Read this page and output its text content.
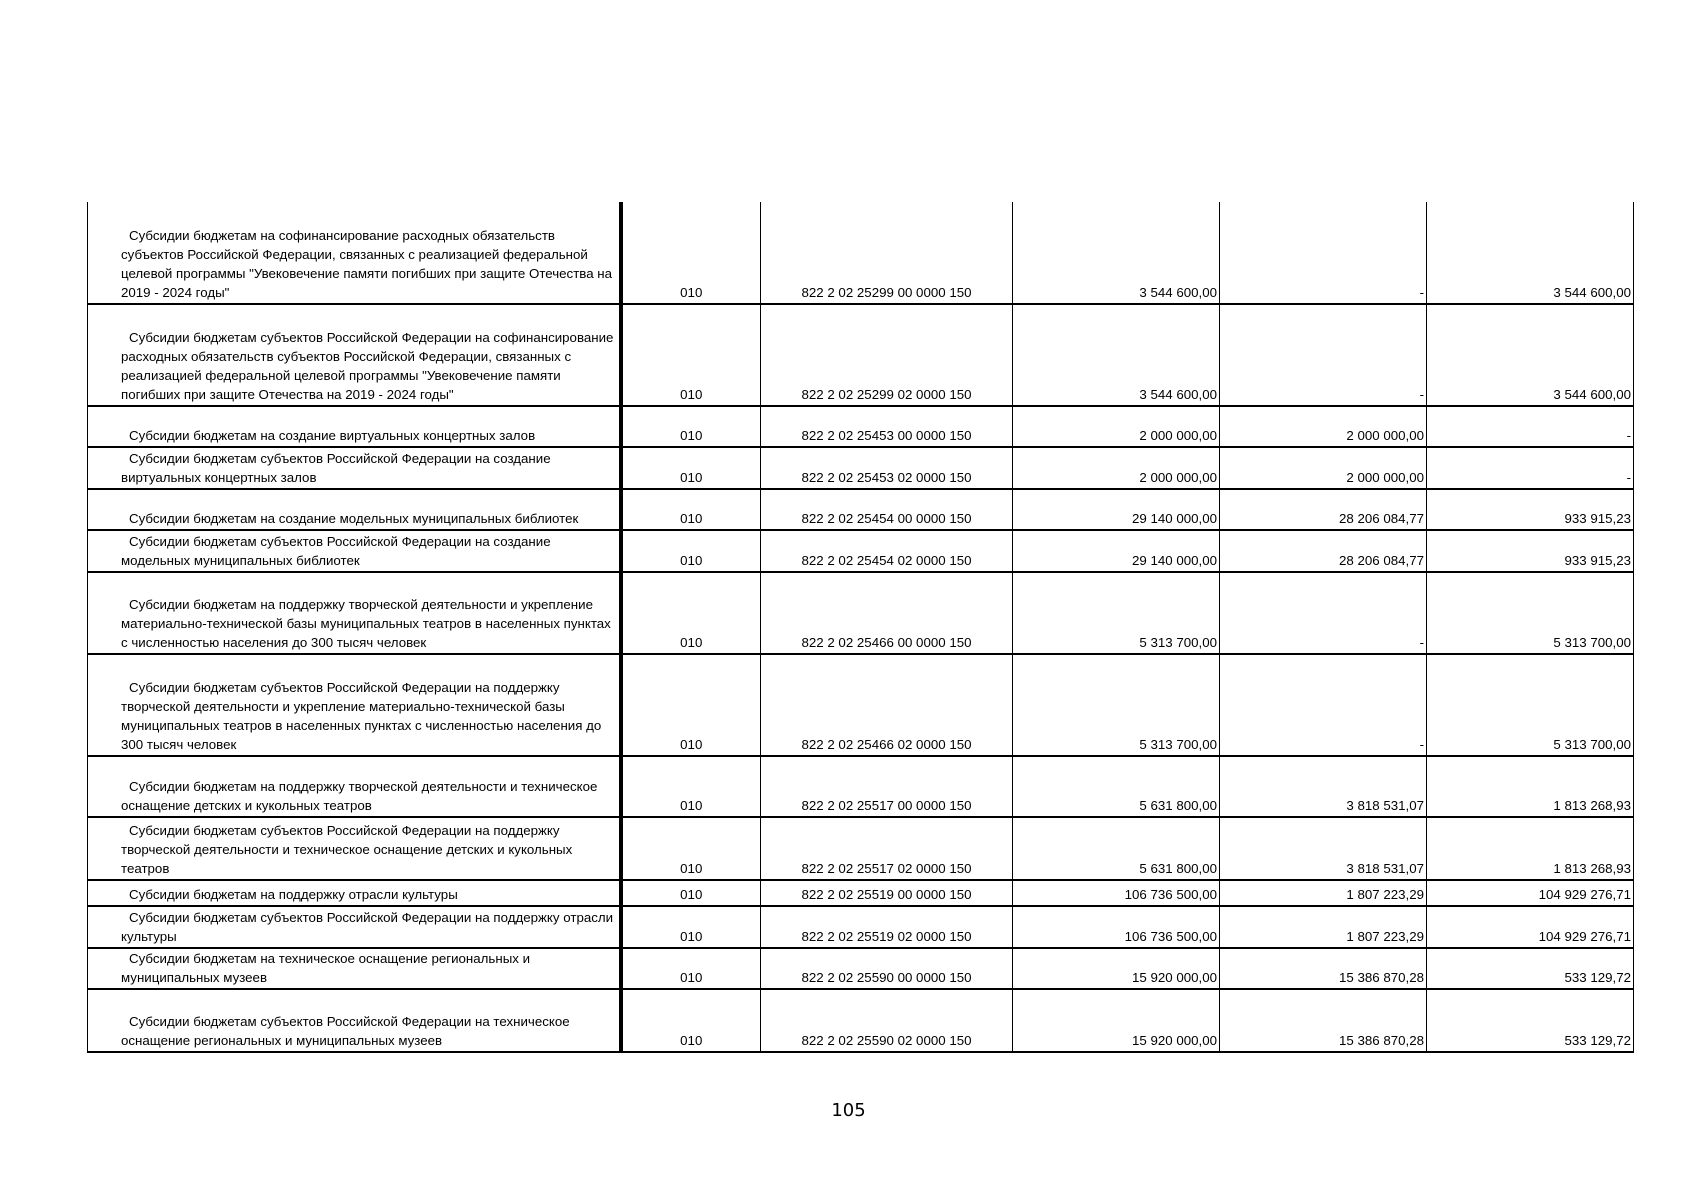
Субсидии бюджетам на софинансирование расходных обязательств субъектов Российской Федерации, связанных с реализацией федеральной целевой программы "Увековечение памяти погибших при защите Отечества на 2019 - 2024 годы"	010	822 2 02 25299 00 0000 150	3 544 600,00	-	3 544 600,00
Субсидии бюджетам субъектов Российской Федерации на софинансирование расходных обязательств субъектов Российской Федерации, связанных с реализацией федеральной целевой программы "Увековечение памяти погибших при защите Отечества на 2019 - 2024 годы"	010	822 2 02 25299 02 0000 150	3 544 600,00	-	3 544 600,00
Субсидии бюджетам на создание виртуальных концертных залов	010	822 2 02 25453 00 0000 150	2 000 000,00	2 000 000,00	-
Субсидии бюджетам субъектов Российской Федерации на создание виртуальных концертных залов	010	822 2 02 25453 02 0000 150	2 000 000,00	2 000 000,00	-
Субсидии бюджетам на создание модельных муниципальных библиотек	010	822 2 02 25454 00 0000 150	29 140 000,00	28 206 084,77	933 915,23
Субсидии бюджетам субъектов Российской Федерации на создание модельных муниципальных библиотек	010	822 2 02 25454 02 0000 150	29 140 000,00	28 206 084,77	933 915,23
Субсидии бюджетам на поддержку творческой деятельности и укрепление материально-технической базы муниципальных театров в населенных пунктах с численностью населения до 300 тысяч человек	010	822 2 02 25466 00 0000 150	5 313 700,00	-	5 313 700,00
Субсидии бюджетам субъектов Российской Федерации на поддержку творческой деятельности и укрепление материально-технической базы муниципальных театров в населенных пунктах с численностью населения до 300 тысяч человек	010	822 2 02 25466 02 0000 150	5 313 700,00	-	5 313 700,00
Субсидии бюджетам на поддержку творческой деятельности и техническое оснащение детских и кукольных театров	010	822 2 02 25517 00 0000 150	5 631 800,00	3 818 531,07	1 813 268,93
Субсидии бюджетам субъектов Российской Федерации на поддержку творческой деятельности и техническое оснащение детских и кукольных театров	010	822 2 02 25517 02 0000 150	5 631 800,00	3 818 531,07	1 813 268,93
Субсидии бюджетам на поддержку отрасли культуры	010	822 2 02 25519 00 0000 150	106 736 500,00	1 807 223,29	104 929 276,71
Субсидии бюджетам субъектов Российской Федерации на поддержку отрасли культуры	010	822 2 02 25519 02 0000 150	106 736 500,00	1 807 223,29	104 929 276,71
Субсидии бюджетам на техническое оснащение региональных и муниципальных музеев	010	822 2 02 25590 00 0000 150	15 920 000,00	15 386 870,28	533 129,72
Субсидии бюджетам субъектов Российской Федерации на техническое оснащение региональных и муниципальных музеев	010	822 2 02 25590 02 0000 150	15 920 000,00	15 386 870,28	533 129,72
105
